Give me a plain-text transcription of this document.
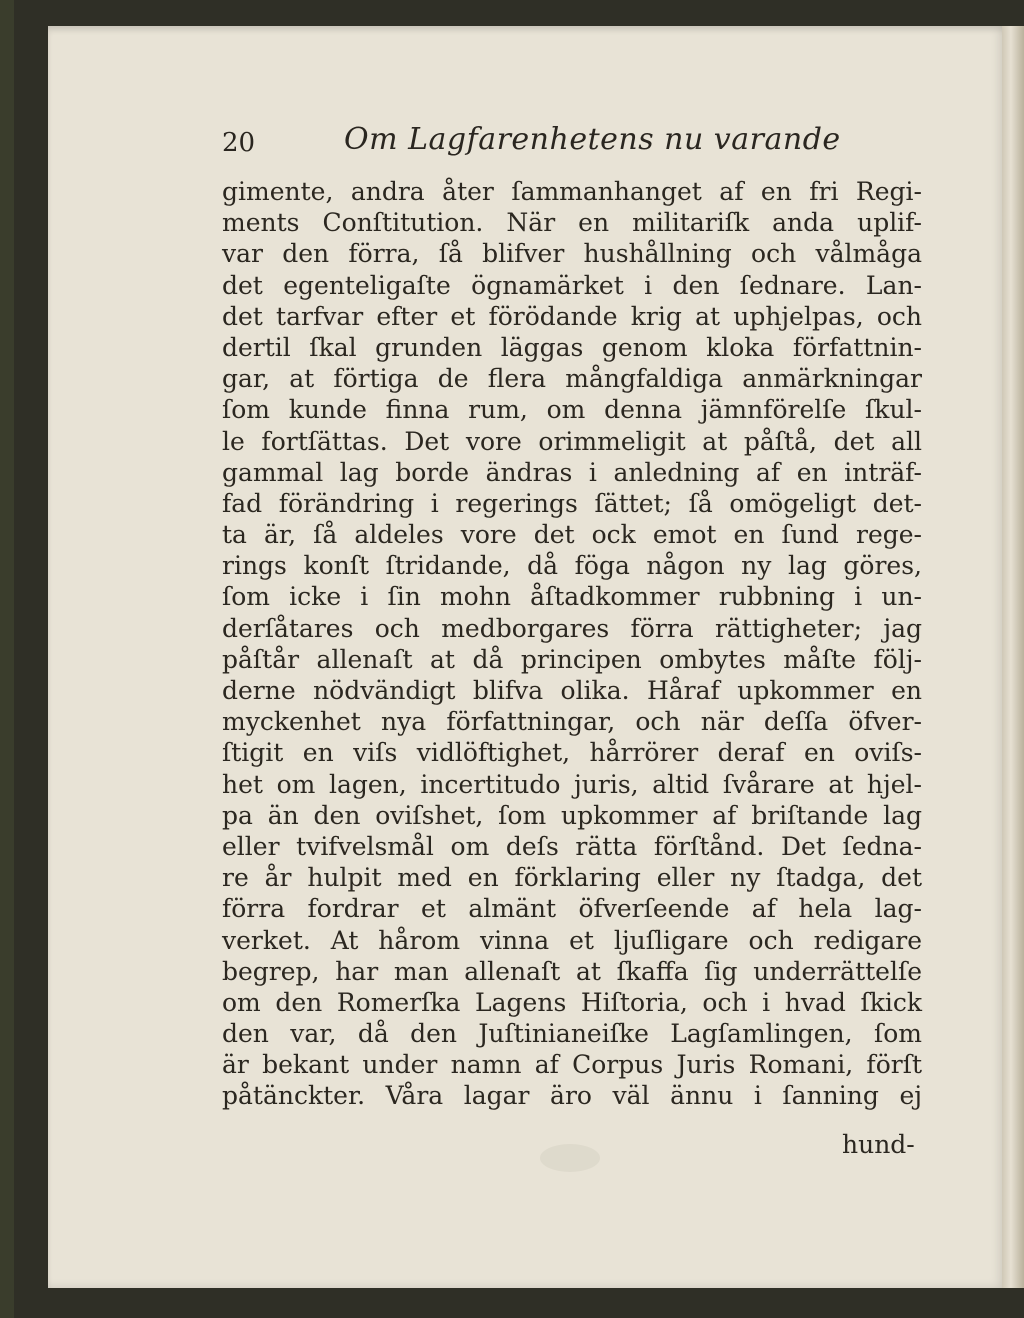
20	Om Lagfarenhetens nu varande
gimente, andra åter ſammanhanget af en fri Regi-
ments Conſtitution. När en militariſk anda uplif-
var den förra, ſå blifver hushållning och vålmåga
det egenteligaſte ögnamärket i den ſednare. Lan-
det tarfvar efter et förödande krig at uphjelpas, och
dertil ſkal grunden läggas genom kloka författnin-
gar, at förtiga de flera mångfaldiga anmärkningar
ſom kunde finna rum, om denna jämnförelſe ſkul-
le fortſättas. Det vore orimmeligit at påſtå, det all
gammal lag borde ändras i anledning af en inträf-
fad förändring i regerings ſättet; ſå omögeligt det-
ta är, ſå aldeles vore det ock emot en ſund rege-
rings konſt ſtridande, då föga någon ny lag göres,
ſom icke i ſin mohn åſtadkommer rubbning i un-
derſåtares och medborgares förra rättigheter; jag
påſtår allenaſt at då principen ombytes måſte följ-
derne nödvändigt blifva olika. Håraf upkommer en
myckenhet nya författningar, och när deſſa öfver-
ſtigit en viſs vidlöftighet, hårrörer deraf en oviſs-
het om lagen, incertitudo juris, altid ſvårare at hjel-
pa än den oviſshet, ſom upkommer af briſtande lag
eller tvifvelsmål om deſs rätta förſtånd. Det ſedna-
re år hulpit med en förklaring eller ny ſtadga, det
förra fordrar et almänt öfverſeende af hela lag-
verket. At hårom vinna et ljuſligare och redigare
begrep, har man allenaſt at ſkaffa ſig underrättelſe
om den Romerſka Lagens Hiſtoria, och i hvad ſkick
den var, då den Juſtinianeiſke Lagſamlingen, ſom
är bekant under namn af Corpus Juris Romani, förſt
påtänckter. Våra lagar äro väl ännu i ſanning ej
hund-
